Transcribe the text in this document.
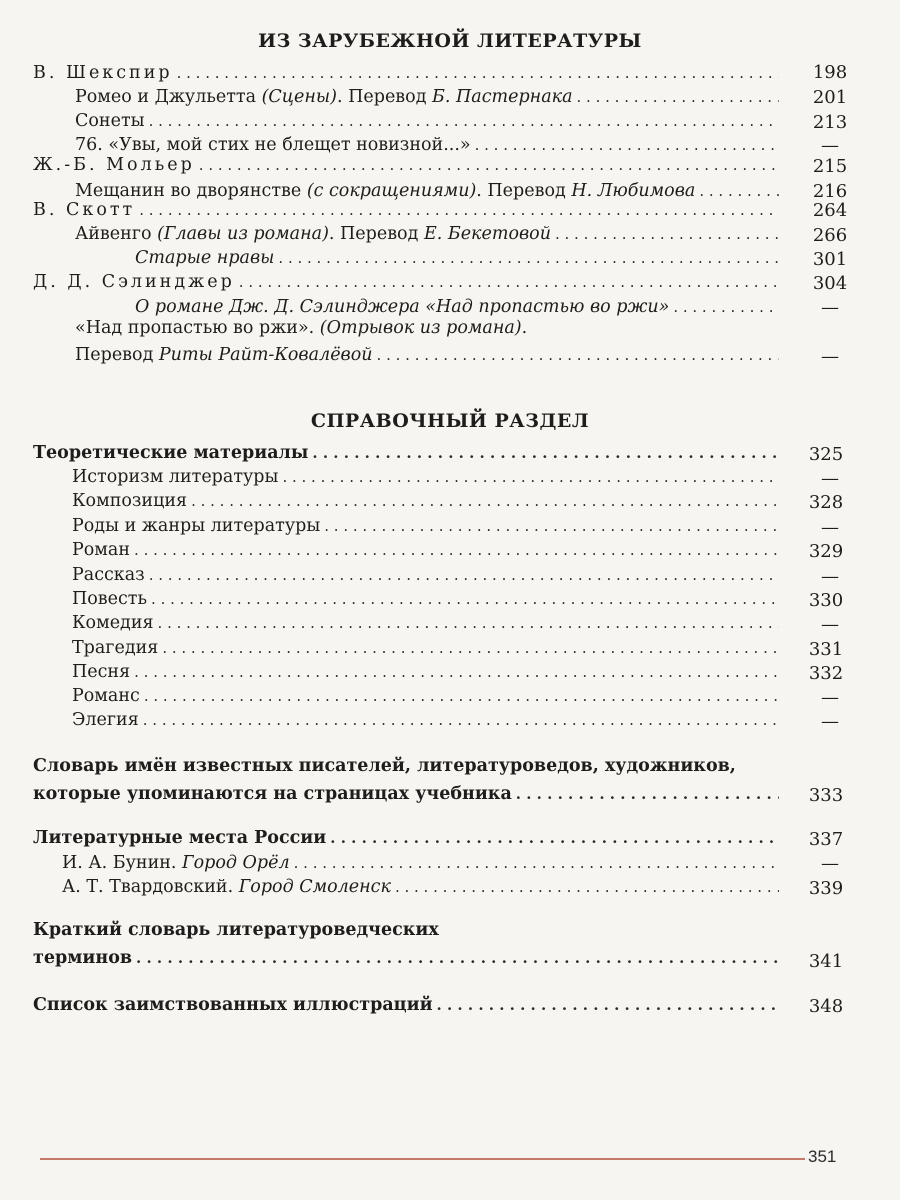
ИЗ ЗАРУБЕЖНОЙ ЛИТЕРАТУРЫ
В. Шекспир . . .	198
Ромео и Джульетта (Сцены). Перевод Б. Пастернака . . .	201
Сонеты . . .	213
76. «Увы, мой стих не блещет новизной...» . . .	—
Ж.-Б. Мольер . . .	215
Мещанин во дворянстве (с сокращениями). Перевод Н. Любимова . . .	216
В. Скотт . . .	264
Айвенго (Главы из романа). Перевод Е. Бекетовой . . .	266
Старые нравы . . .	301
Д. Д. Сэлинджер . . .	304
О романе Дж. Д. Сэлинджера «Над пропастью во ржи» . . .	—
«Над пропастью во ржи». (Отрывок из романа).
Перевод Риты Райт-Ковалёвой . . .	—
СПРАВОЧНЫЙ РАЗДЕЛ
Теоретические материалы . . .	325
Историзм литературы . . .	—
Композиция . . .	328
Роды и жанры литературы . . .	—
Роман . . .	329
Рассказ . . .	—
Повесть . . .	330
Комедия . . .	—
Трагедия . . .	331
Песня . . .	332
Романс . . .	—
Элегия . . .	—
Словарь имён известных писателей, литературоведов, художников,
которые упоминаются на страницах учебника . . .	333
Литературные места России . . .	337
И. А. Бунин. Город Орёл . . .	—
А. Т. Твардовский. Город Смоленск . . .	339
Краткий словарь литературоведческих
терминов . . .	341
Список заимствованных иллюстраций . . .	348
351
